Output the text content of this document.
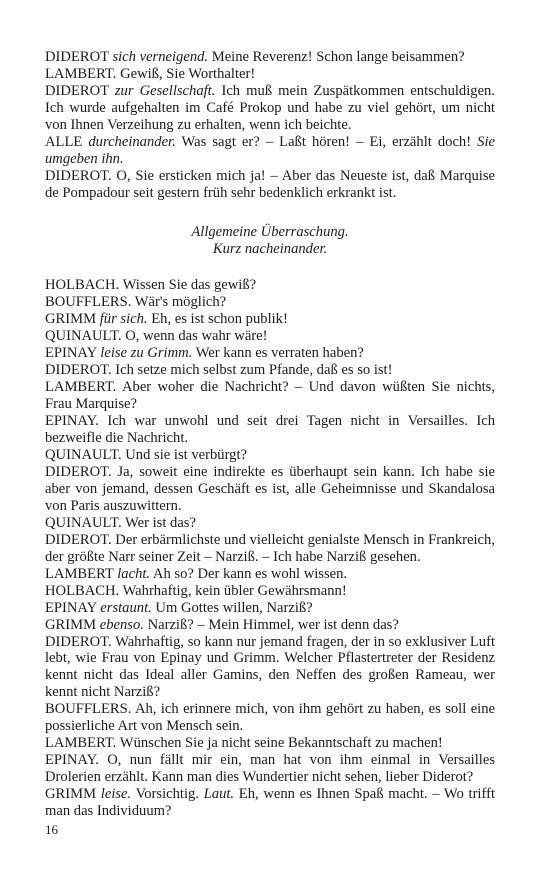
DIDEROT sich verneigend. Meine Reverenz! Schon lange beisammen?

LAMBERT. Gewiß, Sie Worthalter!

DIDEROT zur Gesellschaft. Ich muß mein Zuspätkommen entschuldigen. Ich wurde aufgehalten im Café Prokop und habe zu viel gehört, um nicht von Ihnen Verzeihung zu erhalten, wenn ich beichte.

ALLE durcheinander. Was sagt er? – Laßt hören! – Ei, erzählt doch! Sie umgeben ihn.

DIDEROT. O, Sie ersticken mich ja! – Aber das Neueste ist, daß Marquise de Pompadour seit gestern früh sehr bedenklich erkrankt ist.

Allgemeine Überraschung.
Kurz nacheinander.

HOLBACH. Wissen Sie das gewiß?

BOUFFLERS. Wär's möglich?

GRIMM für sich. Eh, es ist schon publik!

QUINAULT. O, wenn das wahr wäre!

EPINAY leise zu Grimm. Wer kann es verraten haben?

DIDEROT. Ich setze mich selbst zum Pfande, daß es so ist!

LAMBERT. Aber woher die Nachricht? – Und davon wüßten Sie nichts, Frau Marquise?

EPINAY. Ich war unwohl und seit drei Tagen nicht in Versailles. Ich bezweifle die Nachricht.

QUINAULT. Und sie ist verbürgt?

DIDEROT. Ja, soweit eine indirekte es überhaupt sein kann. Ich habe sie aber von jemand, dessen Geschäft es ist, alle Geheimnisse und Skandalosa von Paris auszuwittern.

QUINAULT. Wer ist das?

DIDEROT. Der erbärmlichste und vielleicht genialste Mensch in Frankreich, der größte Narr seiner Zeit – Narziß. – Ich habe Narziß gesehen.

LAMBERT lacht. Ah so? Der kann es wohl wissen.

HOLBACH. Wahrhaftig, kein übler Gewährsmann!

EPINAY erstaunt. Um Gottes willen, Narziß?

GRIMM ebenso. Narziß? – Mein Himmel, wer ist denn das?

DIDEROT. Wahrhaftig, so kann nur jemand fragen, der in so exklusiver Luft lebt, wie Frau von Epinay und Grimm. Welcher Pflastertreter der Residenz kennt nicht das Ideal aller Gamins, den Neffen des großen Rameau, wer kennt nicht Narziß?

BOUFFLERS. Ah, ich erinnere mich, von ihm gehört zu haben, es soll eine possierliche Art von Mensch sein.

LAMBERT. Wünschen Sie ja nicht seine Bekanntschaft zu machen!

EPINAY. O, nun fällt mir ein, man hat von ihm einmal in Versailles Drolerien erzählt. Kann man dies Wundertier nicht sehen, lieber Diderot?

GRIMM leise. Vorsichtig. Laut. Eh, wenn es Ihnen Spaß macht. – Wo trifft man das Individuum?

16
